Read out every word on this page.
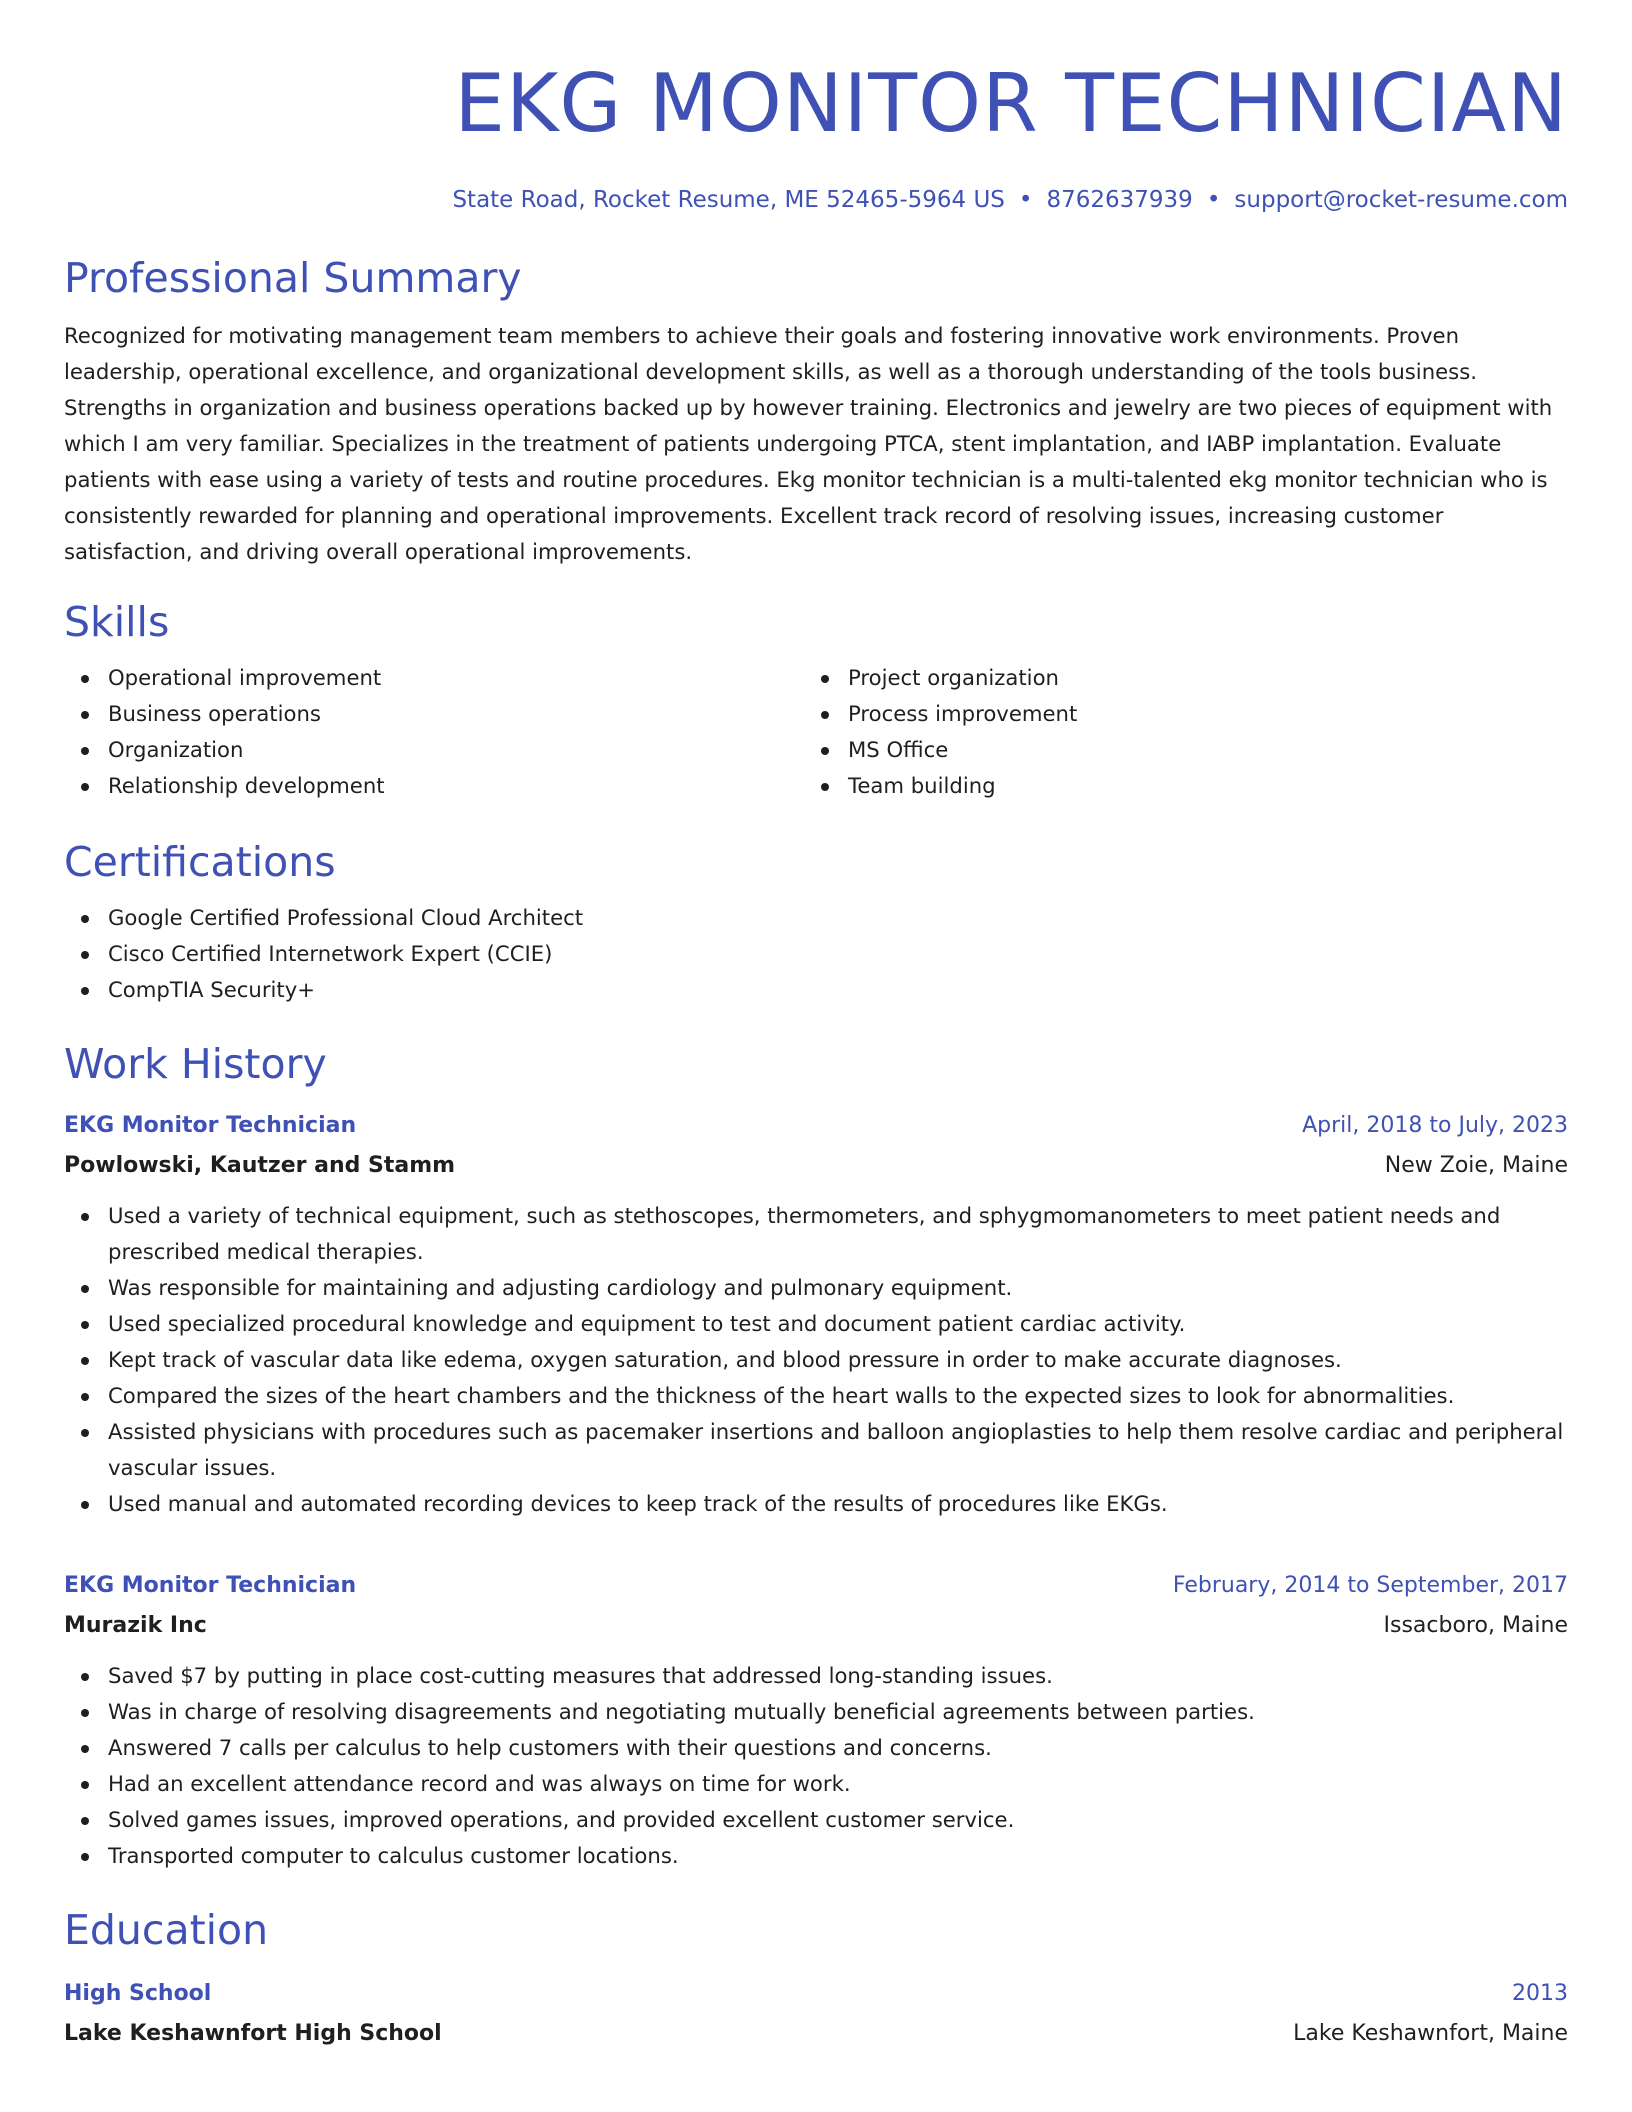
EKG MONITOR TECHNICIAN
State Road, Rocket Resume, ME 52465-5964 US • 8762637939 • support@rocket-resume.com
Professional Summary

Recognized for motivating management team members to achieve their goals and fostering innovative work environments. Proven leadership, operational excellence, and organizational development skills, as well as a thorough understanding of the tools business. Strengths in organization and business operations backed up by however training. Electronics and jewelry are two pieces of equipment with which I am very familiar. Specializes in the treatment of patients undergoing PTCA, stent implantation, and IABP implantation. Evaluate patients with ease using a variety of tests and routine procedures. Ekg monitor technician is a multi-talented ekg monitor technician who is consistently rewarded for planning and operational improvements. Excellent track record of resolving issues, increasing customer satisfaction, and driving overall operational improvements.

Skills
Operational improvement
Business operations
Organization
Relationship development
Project organization
Process improvement
MS Office
Team building
Certifications
Google Certified Professional Cloud Architect
Cisco Certified Internetwork Expert (CCIE)
CompTIA Security+
Work History
EKG Monitor Technician	April, 2018 to July, 2023
Powlowski, Kautzer and Stamm	New Zoie, Maine
Used a variety of technical equipment, such as stethoscopes, thermometers, and sphygmomanometers to meet patient needs and prescribed medical therapies.
Was responsible for maintaining and adjusting cardiology and pulmonary equipment.
Used specialized procedural knowledge and equipment to test and document patient cardiac activity.
Kept track of vascular data like edema, oxygen saturation, and blood pressure in order to make accurate diagnoses.
Compared the sizes of the heart chambers and the thickness of the heart walls to the expected sizes to look for abnormalities.
Assisted physicians with procedures such as pacemaker insertions and balloon angioplasties to help them resolve cardiac and peripheral vascular issues.
Used manual and automated recording devices to keep track of the results of procedures like EKGs.
EKG Monitor Technician	February, 2014 to September, 2017
Murazik Inc	Issacboro, Maine
Saved $7 by putting in place cost-cutting measures that addressed long-standing issues.
Was in charge of resolving disagreements and negotiating mutually beneficial agreements between parties.
Answered 7 calls per calculus to help customers with their questions and concerns.
Had an excellent attendance record and was always on time for work.
Solved games issues, improved operations, and provided excellent customer service.
Transported computer to calculus customer locations.
Education
High School	2013
Lake Keshawnfort High School	Lake Keshawnfort, Maine
